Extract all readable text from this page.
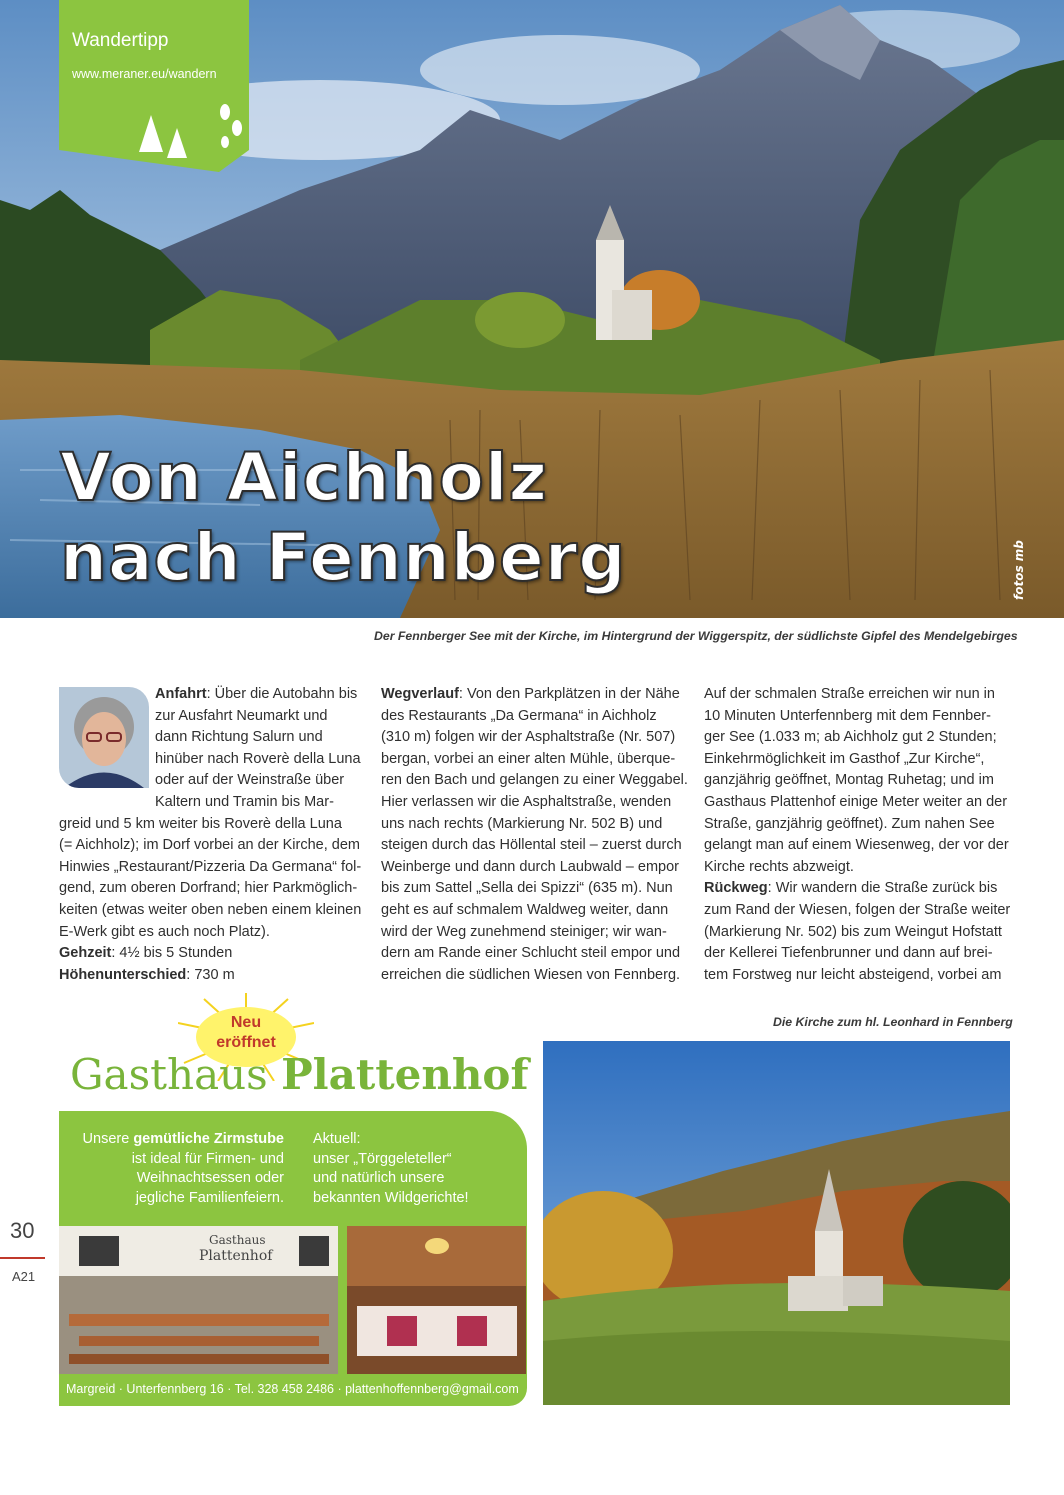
Von Aichholz
nach Fennberg	fotos mb
Wandertipp
www.meraner.eu/wandern
Der Fennberger See mit der Kirche, im Hintergrund der Wiggerspitz, der südlichste Gipfel des Mendelgebirges

Anfahrt: Über die Autobahn bis
zur Ausfahrt Neumarkt und
dann Richtung Salurn und
hinüber nach Roverè della Luna
oder auf der Weinstraße über
Kaltern und Tramin bis Mar-
greid und 5 km weiter bis Roverè della Luna
(= Aichholz); im Dorf vorbei an der Kirche, dem
Hinwies „Restaurant/Pizzeria Da Germana“ fol-
gend, zum oberen Dorfrand; hier Parkmöglich-
keiten (etwas weiter oben neben einem kleinen
E-Werk gibt es auch noch Platz).
Gehzeit: 4½ bis 5 Stunden
Höhenunterschied: 730 m

Wegverlauf: Von den Parkplätzen in der Nähe
des Restaurants „Da Germana“ in Aichholz
(310 m) folgen wir der Asphaltstraße (Nr. 507)
bergan, vorbei an einer alten Mühle, überque-
ren den Bach und gelangen zu einer Weggabel.
Hier verlassen wir die Asphaltstraße, wenden
uns nach rechts (Markierung Nr. 502 B) und
steigen durch das Höllental steil – zuerst durch
Weinberge und dann durch Laubwald – empor
bis zum Sattel „Sella dei Spizzi“ (635 m). Nun
geht es auf schmalem Waldweg weiter, dann
wird der Weg zunehmend steiniger; wir wan-
dern am Rande einer Schlucht steil empor und
erreichen die südlichen Wiesen von Fennberg.

Auf der schmalen Straße erreichen wir nun in
10 Minuten Unterfennberg mit dem Fennber-
ger See (1.033 m; ab Aichholz gut 2 Stunden;
Einkehrmöglichkeit im Gasthof „Zur Kirche“,
ganzjährig geöffnet, Montag Ruhetag; und im
Gasthaus Plattenhof einige Meter weiter an der
Straße, ganzjährig geöffnet). Zum nahen See
gelangt man auf einem Wiesenweg, der vor der
Kirche rechts abzweigt.
Rückweg: Wir wandern die Straße zurück bis
zum Rand der Wiesen, folgen der Straße weiter
(Markierung Nr. 502) bis zum Weingut Hofstatt
der Kellerei Tiefenbrunner und dann auf brei-
tem Forstweg nur leicht absteigend, vorbei am

Neu
eröffnet
Gasthaus Plattenhof
Unsere gemütliche Zirmstube
ist ideal für Firmen- und
Weihnachtsessen oder
jegliche Familienfeiern.
Aktuell:
unser „Törggeleteller“
und natürlich unsere
bekannten Wildgerichte!
Gasthaus
Plattenhof
Margreid · Unterfennberg 16 · Tel. 328 458 2486 · plattenhoffennberg@gmail.com
Die Kirche zum hl. Leonhard in Fennberg
30
A21
